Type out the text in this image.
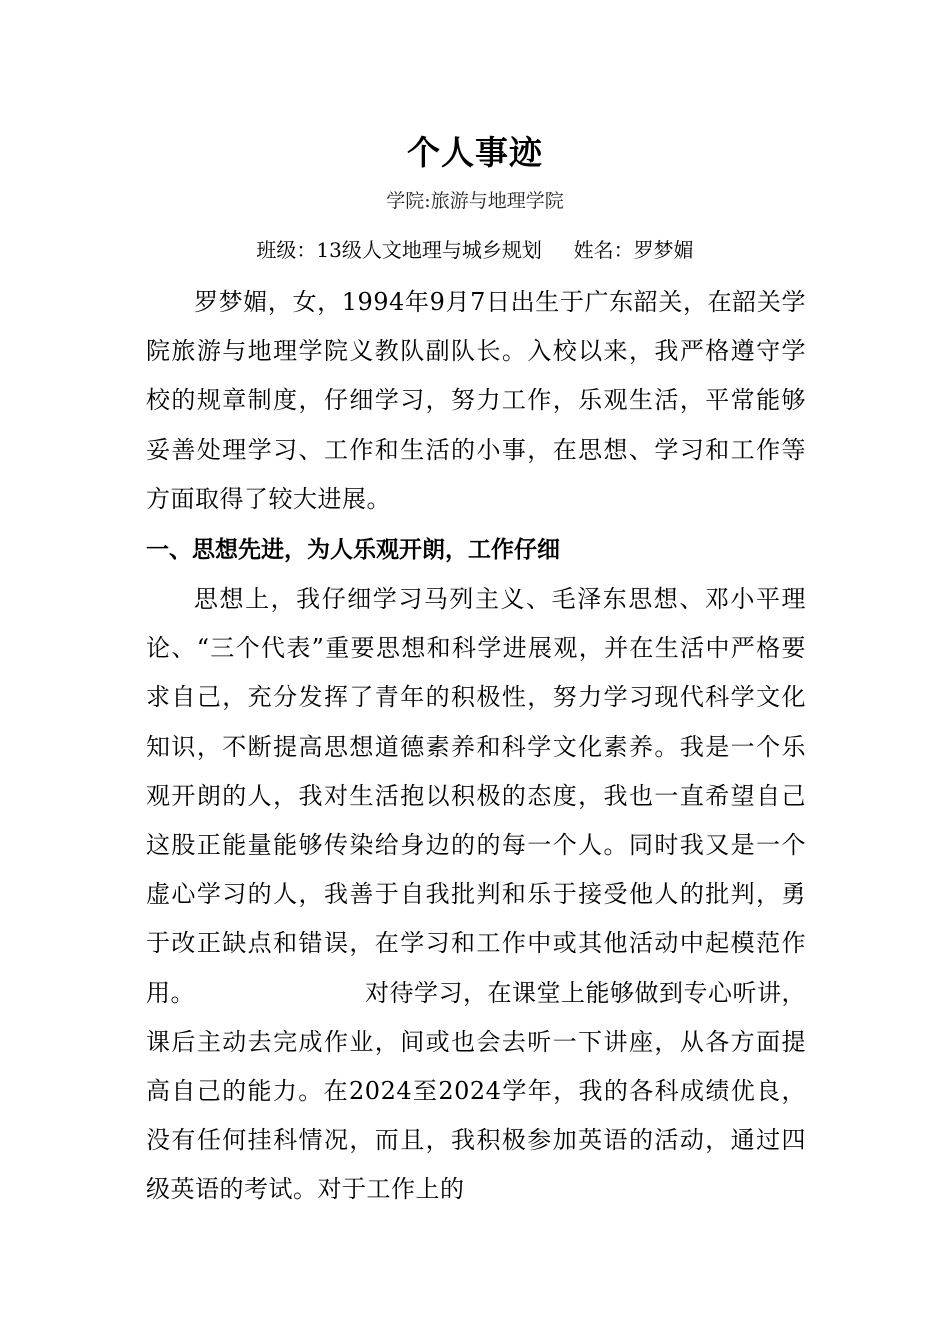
个人事迹
学院:旅游与地理学院
班级：13级人文地理与城乡规划     姓名：罗梦媚
罗梦媚，女，1994年9月7日出生于广东韶关，在韶关学院旅游与地理学院义教队副队长。入校以来，我严格遵守学校的规章制度，仔细学习，努力工作，乐观生活，平常能够妥善处理学习、工作和生活的小事，在思想、学习和工作等方面取得了较大进展。
一、思想先进，为人乐观开朗，工作仔细
思想上，我仔细学习马列主义、毛泽东思想、邓小平理论、“三个代表”重要思想和科学进展观，并在生活中严格要求自己，充分发挥了青年的积极性，努力学习现代科学文化知识，不断提高思想道德素养和科学文化素养。我是一个乐观开朗的人，我对生活抱以积极的态度，我也一直希望自己这股正能量能够传染给身边的的每一个人。同时我又是一个虚心学习的人，我善于自我批判和乐于接受他人的批判，勇于改正缺点和错误，在学习和工作中或其他活动中起模范作用。	对待学习，在课堂上能够做到专心听讲，课后主动去完成作业，间或也会去听一下讲座，从各方面提高自己的能力。在2024至2024学年，我的各科成绩优良，没有任何挂科情况，而且，我积极参加英语的活动，通过四级英语的考试。对于工作上的
